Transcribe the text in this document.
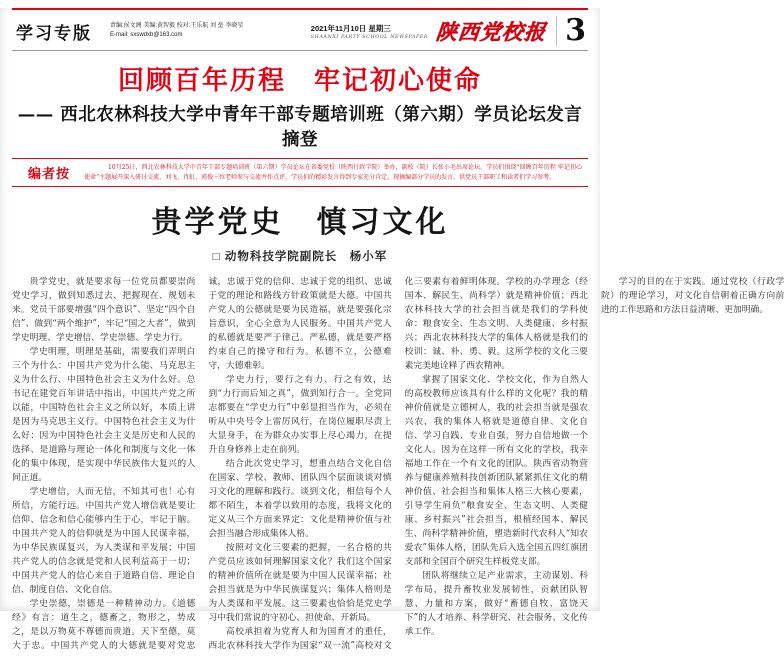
学习专版	责编:侯文阁 美编:黄智毅 校对:王乐航 刘 垒 李晓星
E-mail: sxswdxb@163.com
2021年11月10日 星期三
SHAANXI PARTY SCHOOL NEWSPAPER 陕西党校报 3
回顾百年历程　牢记初心使命
—— 西北农林科技大学中青年干部专题培训班（第六期）学员论坛发言摘登
编者按	10月25日，西北农林科技大学中青年干部专题培训班（第六期）学员论坛在省委党校（陕西行政学院）举办，副校（院）长张小毛出席论坛。学员们围绕“回顾百年历程 牢记初心使命”主题展开深入研讨交流，刘飞、肖虹、郭俊三位老师参与交流并作点评，学员们的精彩发言得到专家充分肯定。现摘编部分学员的发言，供党员干部职工和读者们学习参考。

贵学党史　慎习文化
□ 动物科技学院副院长　杨小军

贵学党史，就是要求每一位党员都要崇尚党史学习，做到知悉过去、把握现在、规划未来。党员干部要增强“四个意识”、坚定“四个自信”、做到“两个维护”，牢记“国之大者”，做到学史明理、学史增信、学史崇德、学史力行。

学史明理，明理是基础，需要我们弄明白三个为什么：中国共产党为什么能、马克思主义为什么行、中国特色社会主义为什么好。总书记在建党百年讲话中指出，中国共产党之所以能，中国特色社会主义之所以好，本质上讲是因为马克思主义行。中国特色社会主义为什么好：因为中国特色社会主义是历史和人民的选择、是道路与理论一体化和制度与文化一体化的集中体现，是实现中华民族伟大复兴的人间正道。

学史增信，人而无信，不知其可也！心有所信，方能行远。中国共产党人增信就是要让信仰、信念和信心能够内生于心，牢记于脑。中国共产党人的信仰就是为中国人民谋幸福，为中华民族谋复兴，为人类谋和平发展；中国共产党人的信念就是党和人民利益高于一切；中国共产党人的信心来自于道路自信、理论自信、制度自信、文化自信。

学史崇德，崇德是一种精神动力。《道德经》有言：道生之，德畜之，物形之，势成之，是以万物莫不尊德而贵道。天下至德，莫大于忠。中国共产党人的大德就是要对党忠诚，忠诚于党的信仰、忠诚于党的组织、忠诚于党的理论和路线方针政策就是大德。中国共产党人的公德就是要为民造福，就是要强化宗旨意识，全心全意为人民服务。中国共产党人的私德就是要严于律己。严私德，就是要严格约束自己的操守和行为。私德不立，公德难守，大德难彰。

学史力行，要行之有力、行之有效，达到“力行而后知之真”，做到知行合一。全党同志都要在“学史力行”中彰显担当作为，必须在听从中央号令上雷厉风行，在岗位履职尽责上大显身手，在为群众办实事上尽心竭力，在提升自身修养上走在前列。

结合此次党史学习，想重点结合文化自信在国家、学校、教师、团队四个层面谈谈对慎习文化的理解和践行。谈到文化，相信每个人都不陌生，本着学以致用的态度，我将文化的定义从三个方面来界定：文化是精神价值与社会担当融合形成集体人格。

按照对文化三要素的把握，一名合格的共产党员应该如何理解国家文化？我们这个国家的精神价值所在就是要为中国人民谋幸福；社会担当就是为中华民族谋复兴；集体人格则是为人类谋和平发展。这三要素也恰恰是党史学习中我们常说的守初心、担使命、开新局。

高校承担着为党育人和为国育才的重任，西北农林科技大学作为国家“双一流”高校对文化三要素有着鲜明体现。学校的办学理念（经国本、解民生、尚科学）就是精神价值；西北农林科技大学的社会担当就是我们的学科使命：粮食安全、生态文明、人类健康、乡村振兴；西北农林科技大学的集体人格就是我们的校训：诚、朴、勇、毅。这所学校的文化三要素完美地诠释了西农精神。

掌握了国家文化、学校文化，作为自然人的高校教师应该具有什么样的文化呢？我的精神价值就是立德树人，我的社会担当就是强农兴农，我的集体人格就是道德自律、文化自信、学习自践、专业自强，努力自信地做一个文化人。因为在这样一所有文化的学校，我幸福地工作在一个有文化的团队。陕西省动物营养与健康养殖科技创新团队紧紧抓住文化的精神价值、社会担当和集体人格三大核心要素，引导学生肩负“粮食安全、生态文明、人类健康、乡村振兴”社会担当，根植经国本、解民生、尚科学精神价值，塑造新时代农科人“知农爱农”集体人格，团队先后入选全国五四红旗团支部和全国百个研究生样板党支部。

团队将继续立足产业需求，主动谋划、科学布局，提升畜牧业发展韧性，贡献团队智慧、力量和方案，做好“畜德自牧、富饶天下”的人才培养、科学研究、社会服务、文化传承工作。

学习的目的在于实践。通过党校（行政学院）的理论学习，对文化自信朝着正确方向前进的工作思路和方法日益清晰、更加明确。
